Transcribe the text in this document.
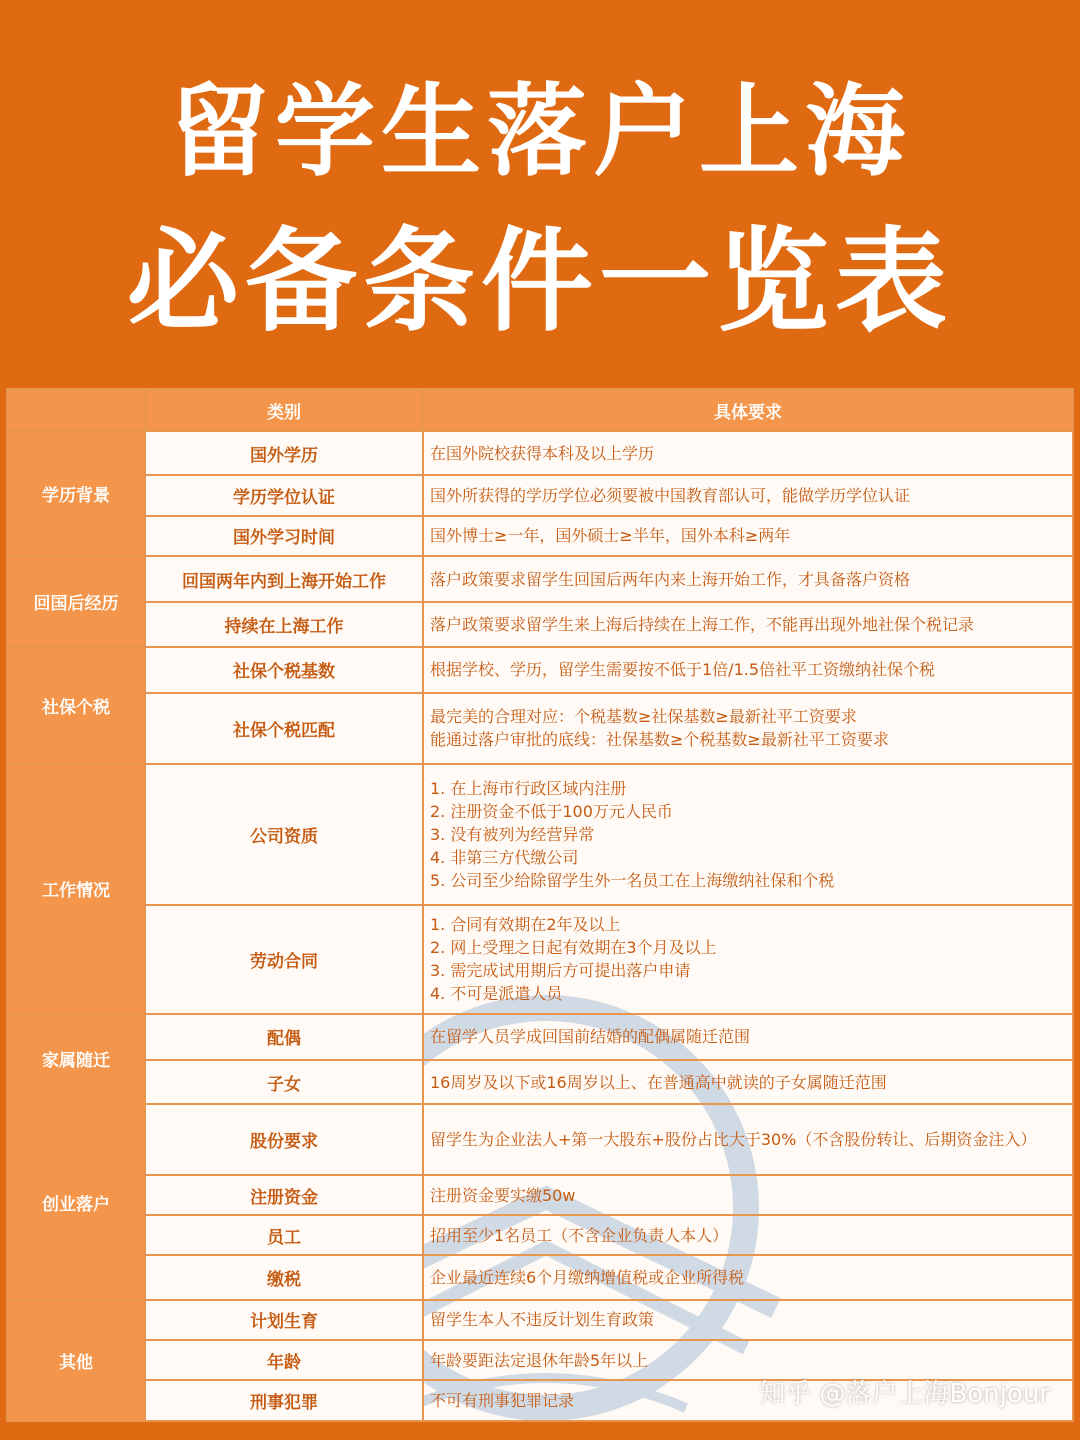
留学生落户上海
必备条件一览表
	类别	具体要求
学历背景	国外学历	在国外院校获得本科及以上学历

	学历学位认证	国外所获得的学历学位必须要被中国教育部认可，能做学历学位认证

	国外学习时间	国外博士≥一年，国外硕士≥半年，国外本科≥两年

回国后经历	回国两年内到上海开始工作	落户政策要求留学生回国后两年内来上海开始工作，才具备落户资格

	持续在上海工作	落户政策要求留学生来上海后持续在上海工作，不能再出现外地社保个税记录

社保个税	社保个税基数	根据学校、学历，留学生需要按不低于1倍/1.5倍社平工资缴纳社保个税

	社保个税匹配	最完美的合理对应：个税基数≥社保基数≥最新社平工资要求
能通过落户审批的底线：社保基数≥个税基数≥最新社平工资要求

工作情况	公司资质	1. 在上海市行政区域内注册
2. 注册资金不低于100万元人民币
3. 没有被列为经营异常
4. 非第三方代缴公司
5. 公司至少给除留学生外一名员工在上海缴纳社保和个税

	劳动合同	1. 合同有效期在2年及以上
2. 网上受理之日起有效期在3个月及以上
3. 需完成试用期后方可提出落户申请
4. 不可是派遣人员

家属随迁	配偶	在留学人员学成回国前结婚的配偶属随迁范围

	子女	16周岁及以下或16周岁以上、在普通高中就读的子女属随迁范围

创业落户	股份要求	留学生为企业法人+第一大股东+股份占比大于30%（不含股份转让、后期资金注入）

	注册资金	注册资金要实缴50w

	员工	招用至少1名员工（不含企业负责人本人）

	缴税	企业最近连续6个月缴纳增值税或企业所得税

其他	计划生育	留学生本人不违反计划生育政策

	年龄	年龄要距法定退休年龄5年以上

	刑事犯罪	不可有刑事犯罪记录	知乎 @落户上海Bonjour
